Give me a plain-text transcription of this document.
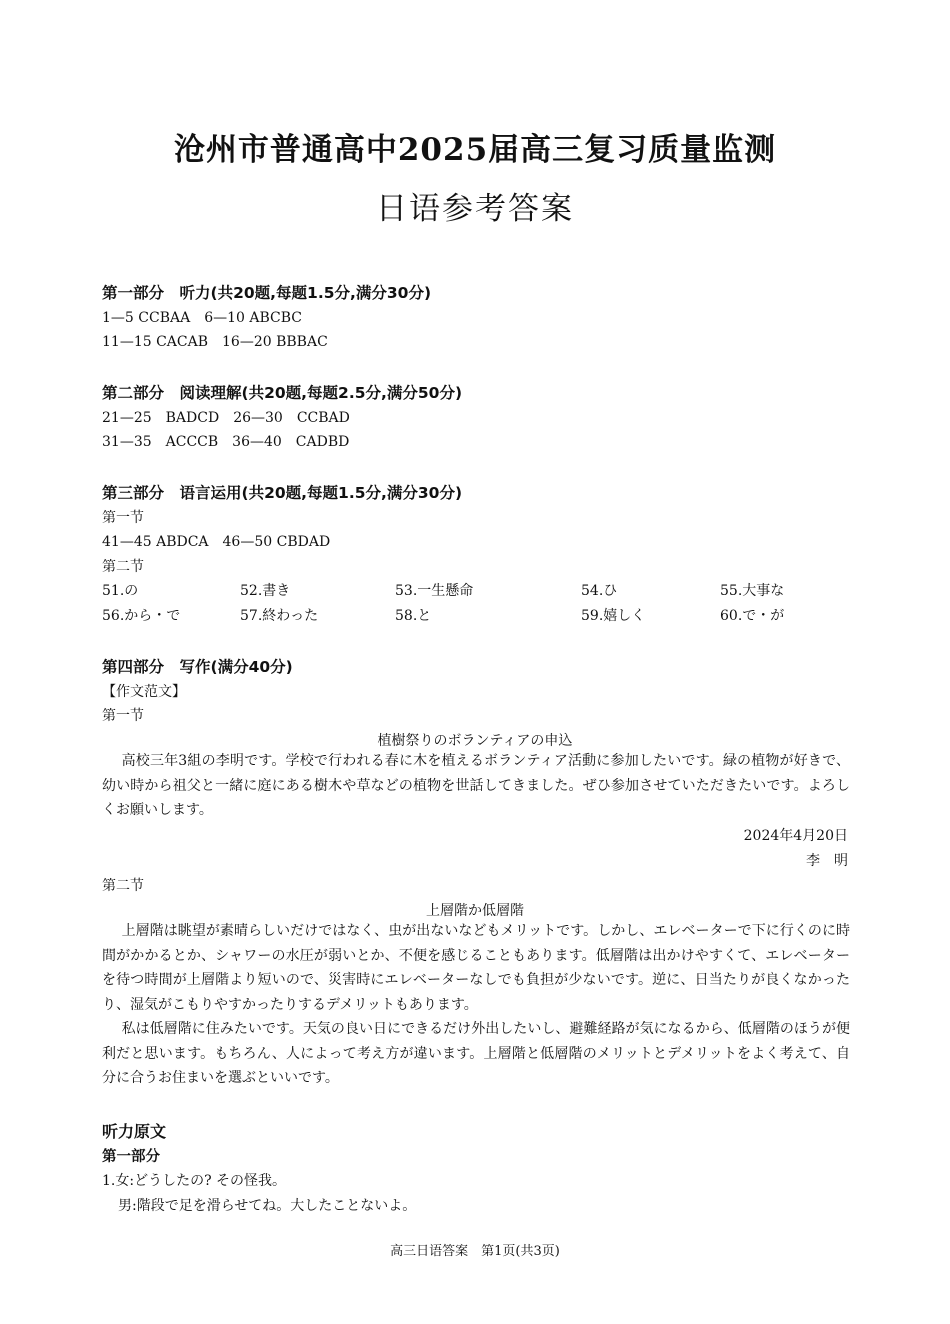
沧州市普通高中2025届高三复习质量监测
日语参考答案
第一部分　听力(共20题,每题1.5分,满分30分)
1—5 CCBAA　6—10 ABCBC
11—15 CACAB　16—20 BBBAC
第二部分　阅读理解(共20题,每题2.5分,满分50分)
21—25　BADCD　26—30　CCBAD
31—35　ACCCB　36—40　CADBD
第三部分　语言运用(共20题,每题1.5分,满分30分)
第一节
41—45 ABDCA　46—50 CBDAD
第二节
51.の	52.書き	53.一生懸命	54.ひ	55.大事な
56.から・で	57.終わった	58.と	59.嬉しく	60.で・が
第四部分　写作(满分40分)
【作文范文】
第一节
植樹祭りのボランティアの申込
高校三年3組の李明です。学校で行われる春に木を植えるボランティア活動に参加したいです。緑の植物が好きで、幼い時から祖父と一緒に庭にある樹木や草などの植物を世話してきました。ぜひ参加させていただきたいです。よろしくお願いします。
2024年4月20日
李　明
第二节
上層階か低層階
上層階は眺望が素晴らしいだけではなく、虫が出ないなどもメリットです。しかし、エレベーターで下に行くのに時間がかかるとか、シャワーの水圧が弱いとか、不便を感じることもあります。低層階は出かけやすくて、エレベーターを待つ時間が上層階より短いので、災害時にエレベーターなしでも負担が少ないです。逆に、日当たりが良くなかったり、湿気がこもりやすかったりするデメリットもあります。
私は低層階に住みたいです。天気の良い日にできるだけ外出したいし、避難経路が気になるから、低層階のほうが便利だと思います。もちろん、人によって考え方が違います。上層階と低層階のメリットとデメリットをよく考えて、自分に合うお住まいを選ぶといいです。
听力原文
第一部分
1.女:どうしたの? その怪我。
男:階段で足を滑らせてね。大したことないよ。
高三日语答案　第1页(共3页)
